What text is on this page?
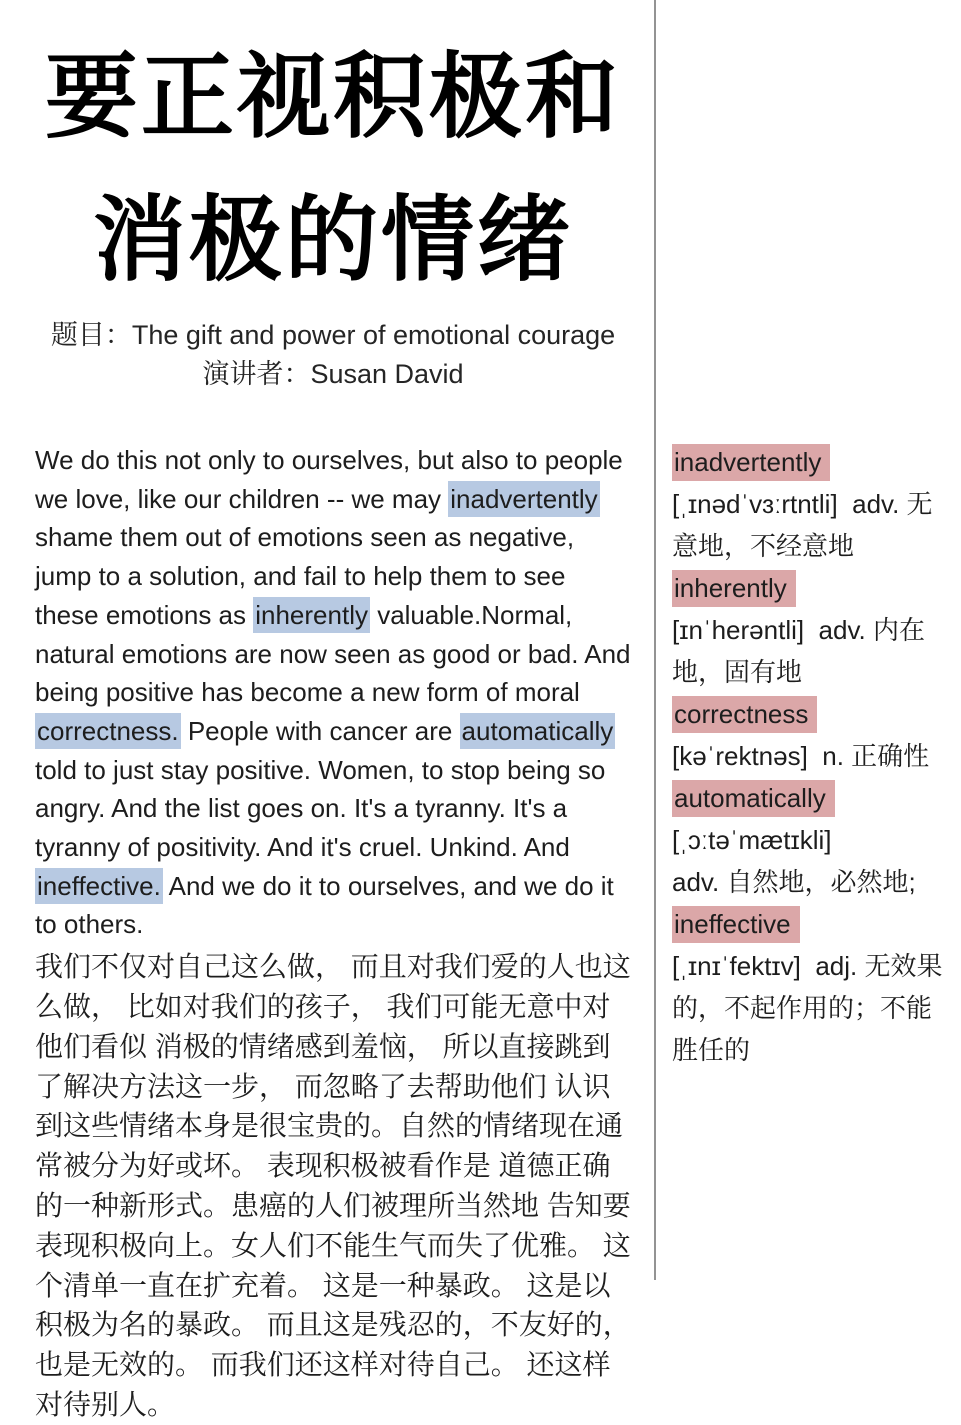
要正视积极和
消极的情绪
题目：The gift and power of emotional courage
演讲者：Susan David

We do this not only to ourselves, but also to people we love, like our children -- we may inadvertently shame them out of emotions seen as negative, jump to a solution, and fail to help them to see these emotions as inherently valuable.Normal, natural emotions are now seen as good or bad. And being positive has become a new form of moral correctness. People with cancer are automatically told to just stay positive. Women, to stop being so angry. And the list goes on. It's a tyranny. It's a tyranny of positivity. And it's cruel. Unkind. And ineffective. And we do it to ourselves, and we do it to others.

我们不仅对自己这么做， 而且对我们爱的人也这么做， 比如对我们的孩子， 我们可能无意中对他们看似 消极的情绪感到羞恼， 所以直接跳到了解决方法这一步， 而忽略了去帮助他们 认识到这些情绪本身是很宝贵的。自然的情绪现在通常被分为好或坏。 表现积极被看作是 道德正确的一种新形式。患癌的人们被理所当然地 告知要表现积极向上。女人们不能生气而失了优雅。 这个清单一直在扩充着。 这是一种暴政。 这是以积极为名的暴政。 而且这是残忍的，不友好的， 也是无效的。 而我们还这样对待自己。 还这样对待别人。

inadvertently
[ˌɪnədˈvɜːrtntli]  adv. 无意地，不经意地
inherently
[ɪnˈherəntli]  adv. 内在地，固有地
correctness
[kəˈrektnəs]  n. 正确性
automatically
[ˌɔːtəˈmætɪkli]
adv. 自然地，必然地;
ineffective
[ˌɪnɪˈfektɪv]  adj. 无效果的，不起作用的；不能胜任的
